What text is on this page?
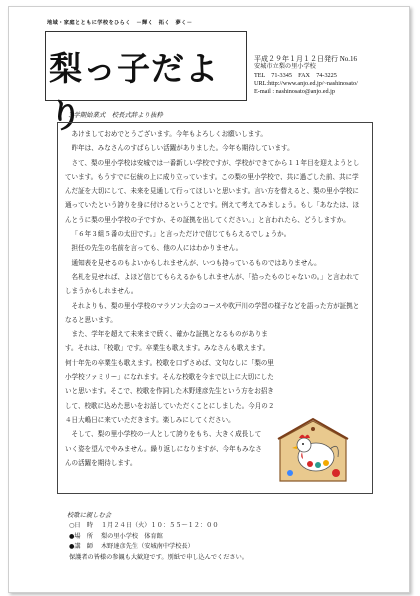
地域・家庭とともに学校をひらく　－輝く　拓く　夢く－
梨っ子だより
平成２９年１月１２日発行 No.16
安城市立梨の里小学校
TEL　71-3345　FAX　74-3225
URL:http://www.anjo.ed.jp/~nashinosato/
E-mail : nashinosato@anjo.ed.jp
３学期始業式　校長式辞より抜粋

あけましておめでとうございます。今年もよろしくお願いします。

昨年は、みなさんのすばらしい活躍がありました。今年も期待しています。

さて、梨の里小学校は安城では一番新しい学校ですが、学校ができてから１１年目を迎えようとしています。もうすでに伝統の上に成り立っています。この梨の里小学校で、共に過ごした前、共に学んだ証を大切にして、未来を見通して行ってほしいと思います。言い方を替えると、梨の里小学校に通っていたという誇りを身に付けるということです。例えて考えてみましょう。もし「あなたは、ほんとうに梨の里小学校の子ですか、その証拠を出してください。」と言われたら、どうしますか。

「６年３組５番の太田です。」と言っただけで信じてもらえるでしょうか。

担任の先生の名前を言っても、他の人にはわかりません。

通知表を見せるのもよいかもしれませんが、いつも持っているものではありません。

名札を見せれば、よほど信じてもらえるかもしれませんが、「拾ったものじゃないの。」と言われてしまうかもしれません。

それよりも、梨の里小学校のマラソン大会のコースや吹戸川の学習の様子などを語った方が証拠となると思います。

また、学年を超えて未来まで続く、確かな証拠となるものがあります。それは、「校歌」です。卒業生も歌えます。みなさんも歌えます。何十年先の卒業生も歌えます。校歌を口ずさめば、文句なしに「梨の里小学校ファミリー」になれます。そんな校歌を今まで以上に大切にしたいと思います。そこで、校歌を作詞した木野達彦先生という方をお招きして、校歌に込めた思いをお話していただくことにしました。今月の２４日大嶋日に来ていただきます。楽しみにしてください。

そして、梨の里小学校の一人として誇りをもち、大きく成長していく姿を望んでやみません。繰り返しになりますが、今年もみなさんの活躍を期待します。

校歌に親しむ会
○日　時 １月２４日（火）１０：５５～１２：００
●場　所 梨の里小学校　体育館
●講　師 木野達彦先生（安城南中学校長）
保護者の皆様の参観も大歓迎です。別紙で申し込んでください。
